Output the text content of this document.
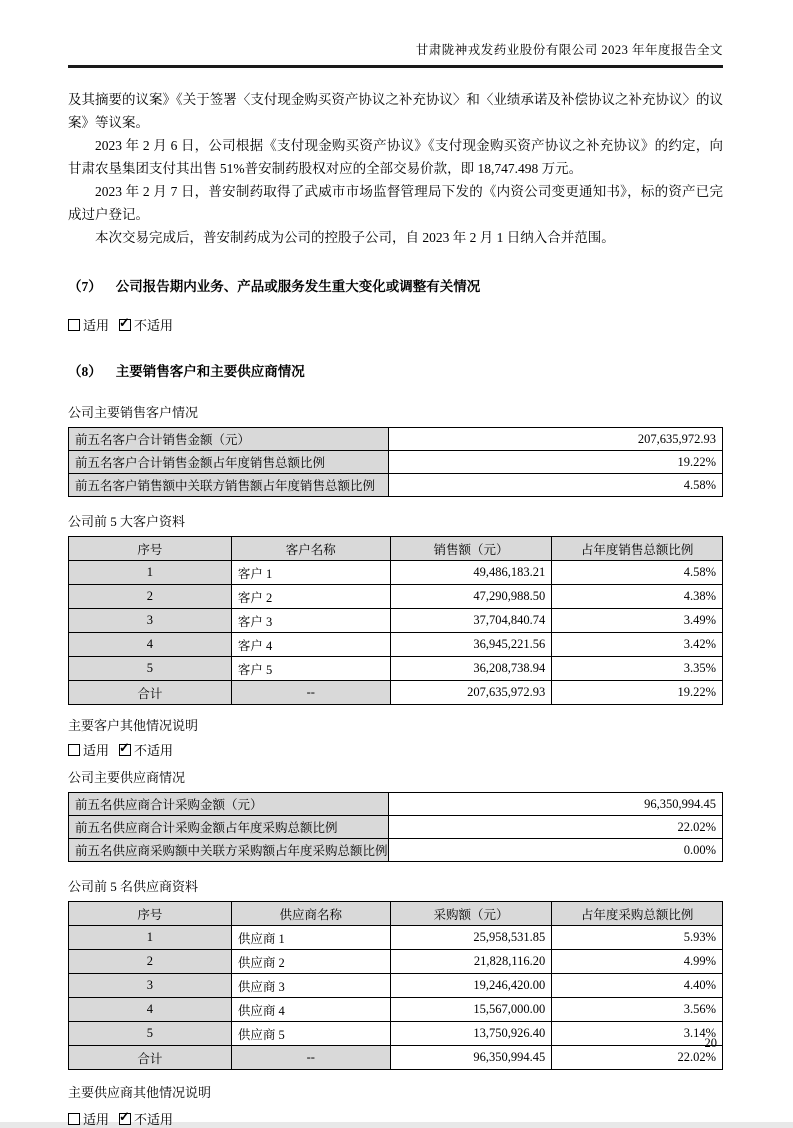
甘肃陇神戎发药业股份有限公司 2023 年年度报告全文

及其摘要的议案》《关于签署〈支付现金购买资产协议之补充协议〉和〈业绩承诺及补偿协议之补充协议〉的议案》等议案。

2023 年 2 月 6 日，公司根据《支付现金购买资产协议》《支付现金购买资产协议之补充协议》的约定，向甘肃农垦集团支付其出售 51%普安制药股权对应的全部交易价款，即 18,747.498 万元。

2023 年 2 月 7 日，普安制药取得了武威市市场监督管理局下发的《内资公司变更通知书》，标的资产已完成过户登记。

本次交易完成后，普安制药成为公司的控股子公司，自 2023 年 2 月 1 日纳入合并范围。

（7） 公司报告期内业务、产品或服务发生重大变化或调整有关情况
适用 ✓ 不适用
（8） 主要销售客户和主要供应商情况
公司主要销售客户情况
前五名客户合计销售金额（元）	207,635,972.93
前五名客户合计销售金额占年度销售总额比例	19.22%
前五名客户销售额中关联方销售额占年度销售总额比例	4.58%
公司前 5 大客户资料
序号	客户名称	销售额（元）	占年度销售总额比例
1	客户 1	49,486,183.21	4.58%
2	客户 2	47,290,988.50	4.38%
3	客户 3	37,704,840.74	3.49%
4	客户 4	36,945,221.56	3.42%
5	客户 5	36,208,738.94	3.35%
合计	--	207,635,972.93	19.22%
主要客户其他情况说明
适用 ✓ 不适用
公司主要供应商情况
前五名供应商合计采购金额（元）	96,350,994.45
前五名供应商合计采购金额占年度采购总额比例	22.02%
前五名供应商采购额中关联方采购额占年度采购总额比例	0.00%
公司前 5 名供应商资料
序号	供应商名称	采购额（元）	占年度采购总额比例
1	供应商 1	25,958,531.85	5.93%
2	供应商 2	21,828,116.20	4.99%
3	供应商 3	19,246,420.00	4.40%
4	供应商 4	15,567,000.00	3.56%
5	供应商 5	13,750,926.40	3.14%
合计	--	96,350,994.45	22.02%
主要供应商其他情况说明
适用 ✓ 不适用
20
